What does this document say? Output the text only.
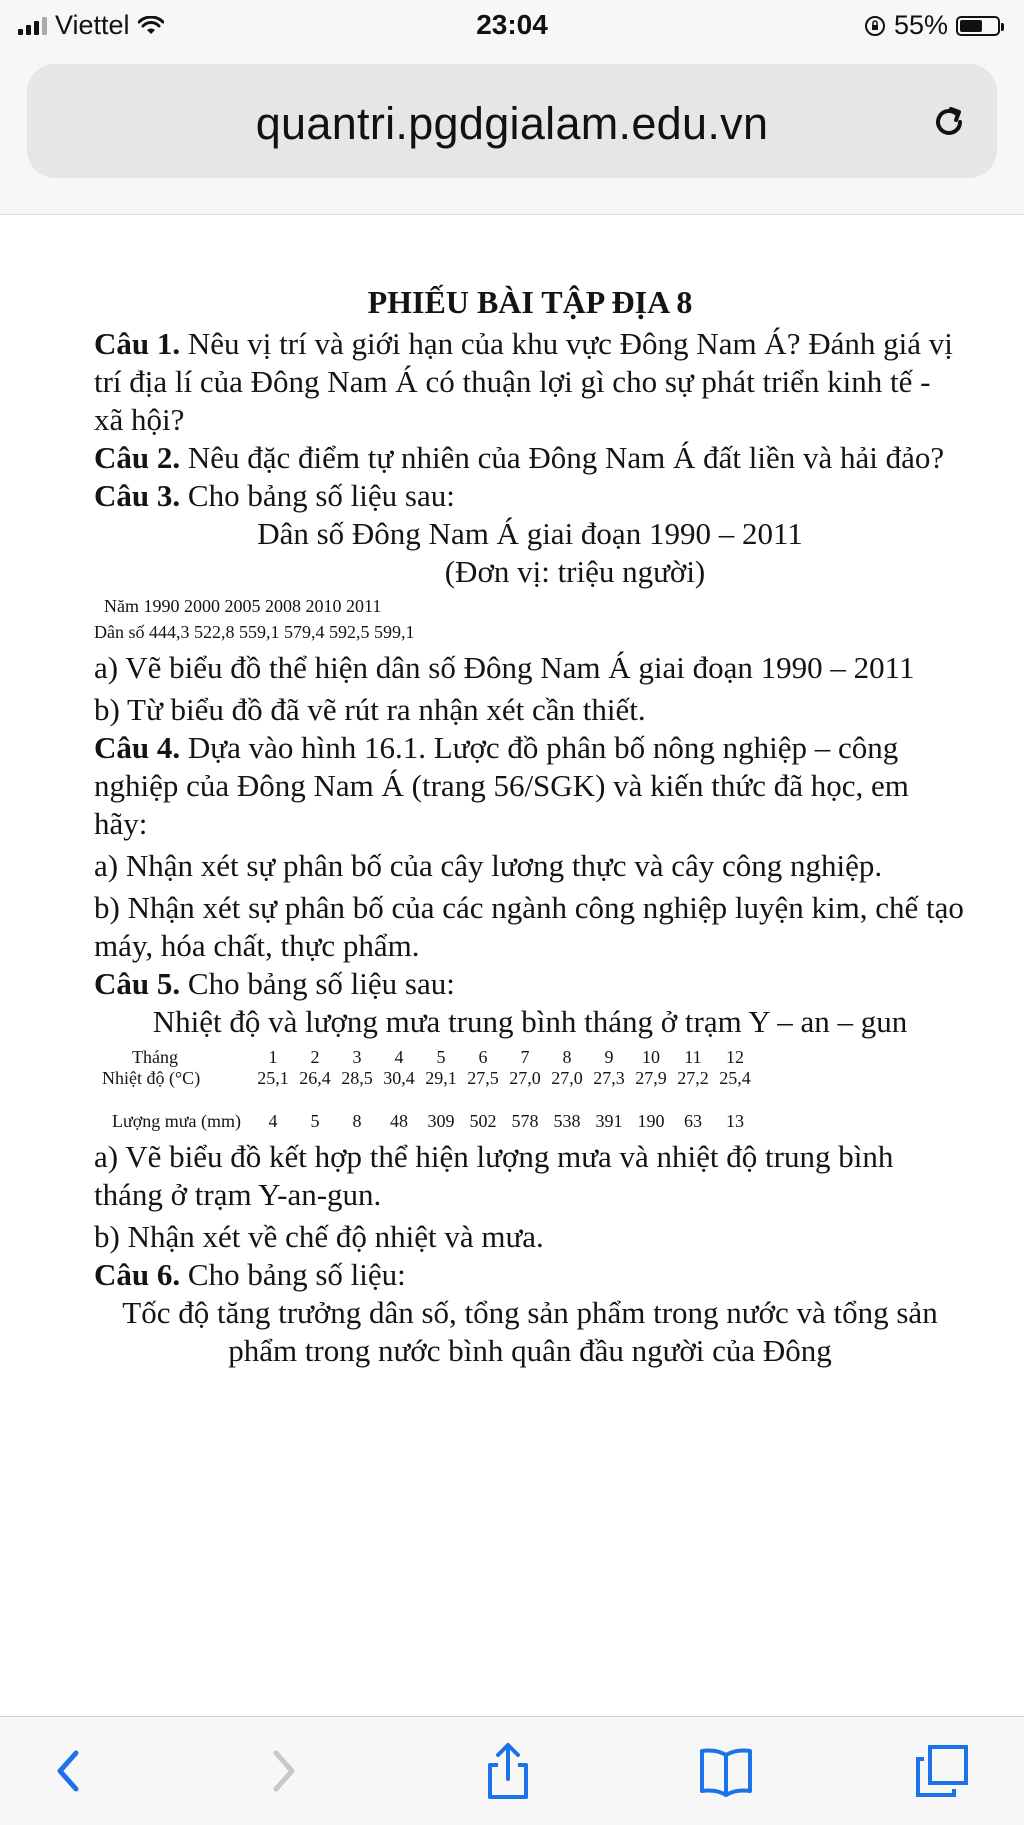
Viettel	23:04	55%
quantri.pgdgialam.edu.vn

PHIẾU BÀI TẬP ĐỊA 8

Câu 1. Nêu vị trí và giới hạn của khu vực Đông Nam Á? Đánh giá vị trí địa lí của Đông Nam Á có thuận lợi gì cho sự phát triển kinh tế - xã hội?

Câu 2. Nêu đặc điểm tự nhiên của Đông Nam Á đất liền và hải đảo?

Câu 3. Cho bảng số liệu sau:

Dân số Đông Nam Á giai đoạn 1990 – 2011

(Đơn vị: triệu người)

Năm 1990 2000 2005 2008 2010 2011

Dân số 444,3 522,8 559,1 579,4 592,5 599,1

a) Vẽ biểu đồ thể hiện dân số Đông Nam Á giai đoạn 1990 – 2011

b) Từ biểu đồ đã vẽ rút ra nhận xét cần thiết.

Câu 4. Dựa vào hình 16.1. Lược đồ phân bố nông nghiệp – công nghiệp của Đông Nam Á (trang 56/SGK) và kiến thức đã học, em hãy:

a) Nhận xét sự phân bố của cây lương thực và cây công nghiệp.

b) Nhận xét sự phân bố của các ngành công nghiệp luyện kim, chế tạo máy, hóa chất, thực phẩm.

Câu 5. Cho bảng số liệu sau:

Nhiệt độ và lượng mưa trung bình tháng ở trạm Y – an – gun

Tháng	1	2	3	4	5	6	7	8	9	10	11	12
Nhiệt độ (°C)	25,1	26,4	28,5	30,4	29,1	27,5	27,0	27,0	27,3	27,9	27,2	25,4

Lượng mưa (mm)	4	5	8	48	309	502	578	538	391	190	63	13

a) Vẽ biểu đồ kết hợp thể hiện lượng mưa và nhiệt độ trung bình tháng ở trạm Y-an-gun.

b) Nhận xét về chế độ nhiệt và mưa.

Câu 6. Cho bảng số liệu:

Tốc độ tăng trưởng dân số, tổng sản phẩm trong nước và tổng sản phẩm trong nước bình quân đầu người của Đông
